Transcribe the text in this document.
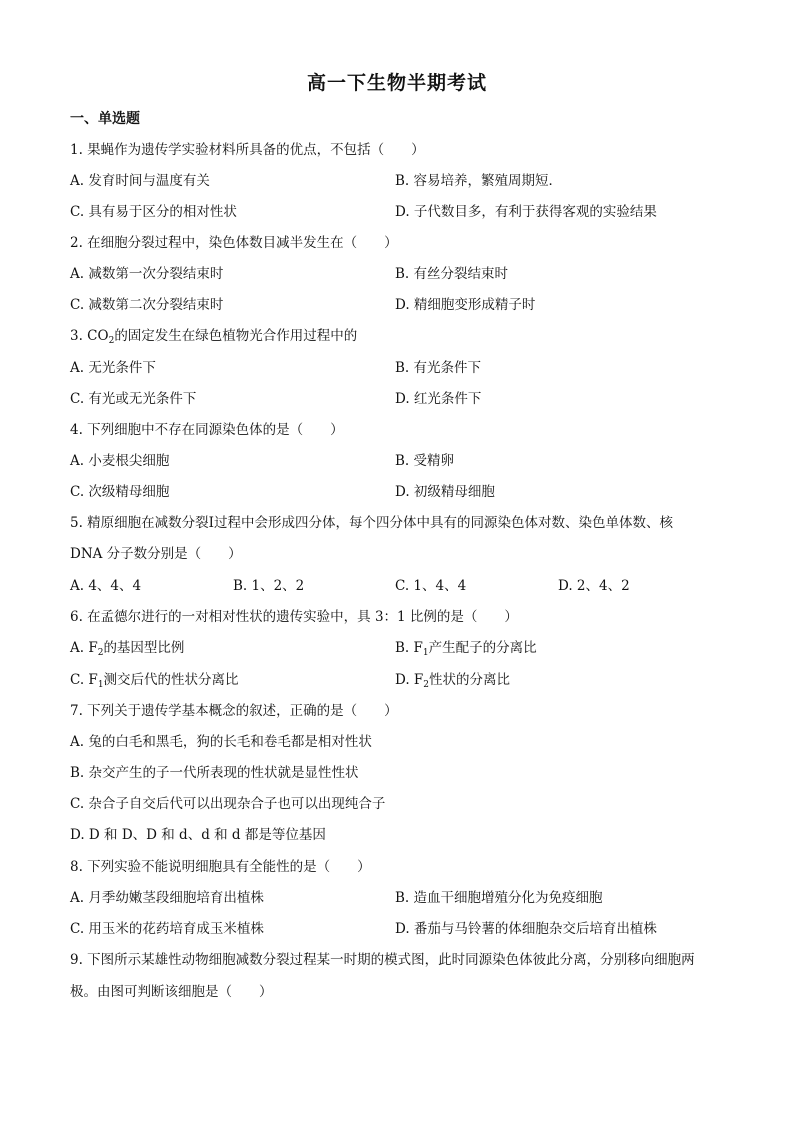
高一下生物半期考试
一、单选题
1. 果蝇作为遗传学实验材料所具备的优点，不包括（　　）
A. 发育时间与温度有关	B. 容易培养，繁殖周期短．
C. 具有易于区分的相对性状	D. 子代数目多，有利于获得客观的实验结果
2. 在细胞分裂过程中，染色体数目减半发生在（　　）
A. 减数第一次分裂结束时	B. 有丝分裂结束时
C. 减数第二次分裂结束时	D. 精细胞变形成精子时
3. $CO_2$的固定发生在绿色植物光合作用过程中的
A. 无光条件下	B. 有光条件下
C. 有光或无光条件下	D. 红光条件下
4. 下列细胞中不存在同源染色体的是（　　）
A. 小麦根尖细胞	B. 受精卵
C. 次级精母细胞	D. 初级精母细胞
5. 精原细胞在减数分裂Ⅰ过程中会形成四分体，每个四分体中具有的同源染色体对数、染色单体数、核
DNA 分子数分别是（　　）
A. 4、4、4	B. 1、2、2	C. 1、4、4	D. 2、4、2
6. 在孟德尔进行的一对相对性状的遗传实验中，具 3：1 比例的是（　　）
A. $F_2$的基因型比例	B. $F_1$产生配子的分离比
C. $F_1$测交后代的性状分离比	D. $F_2$性状的分离比
7. 下列关于遗传学基本概念的叙述，正确的是（　　）
A. 兔的白毛和黑毛，狗的长毛和卷毛都是相对性状
B. 杂交产生的子一代所表现的性状就是显性性状
C. 杂合子自交后代可以出现杂合子也可以出现纯合子
D. D 和 D、D 和 d、d 和 d 都是等位基因
8. 下列实验不能说明细胞具有全能性的是（　　）
A. 月季幼嫩茎段细胞培育出植株	B. 造血干细胞增殖分化为免疫细胞
C. 用玉米的花药培育成玉米植株	D. 番茄与马铃薯的体细胞杂交后培育出植株
9. 下图所示某雄性动物细胞减数分裂过程某一时期的模式图，此时同源染色体彼此分离，分别移向细胞两
极。由图可判断该细胞是（　　）
